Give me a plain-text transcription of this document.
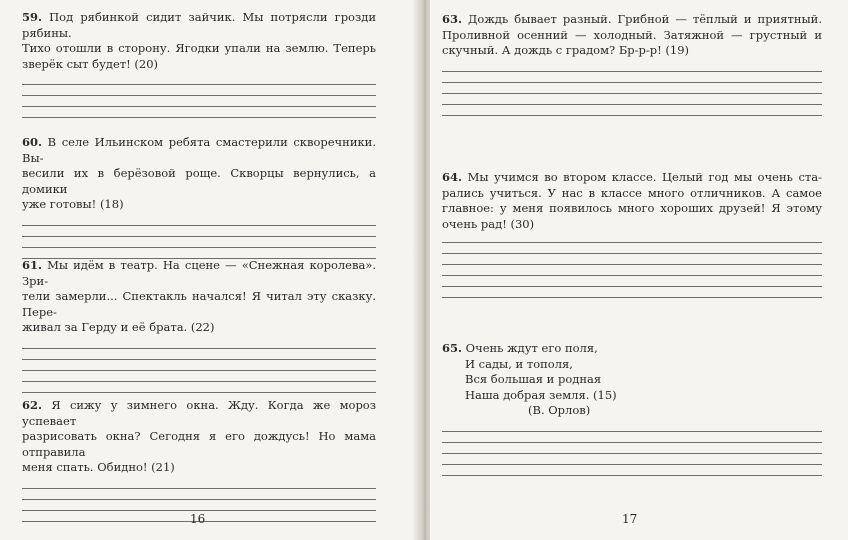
59. Под рябинкой сидит зайчик. Мы потрясли грозди рябины.
Тихо отошли в сторону. Ягодки упали на землю. Теперь
зверёк сыт будет! (20)

60. В селе Ильинском ребята смастерили скворечники. Вы-
весили их в берёзовой роще. Скворцы вернулись, а домики
уже готовы! (18)

61. Мы идём в театр. На сцене — «Снежная королева». Зри-
тели замерли... Спектакль начался! Я читал эту сказку. Пере-
живал за Герду и её брата. (22)

62. Я сижу у зимнего окна. Жду. Когда же мороз успевает
разрисовать окна? Сегодня я его дождусь! Но мама отправила
меня спать. Обидно! (21)

16

63. Дождь бывает разный. Грибной — тёплый и приятный.
Проливной осенний — холодный. Затяжной — грустный и
скучный. А дождь с градом? Бр-р-р! (19)

64. Мы учимся во втором классе. Целый год мы очень ста-
рались учиться. У нас в классе много отличников. А самое
главное: у меня появилось много хороших друзей! Я этому
очень рад! (30)

65. Очень ждут его поля,
И сады, и тополя,
Вся большая и родная
Наша добрая земля. (15)
(В. Орлов)
17
